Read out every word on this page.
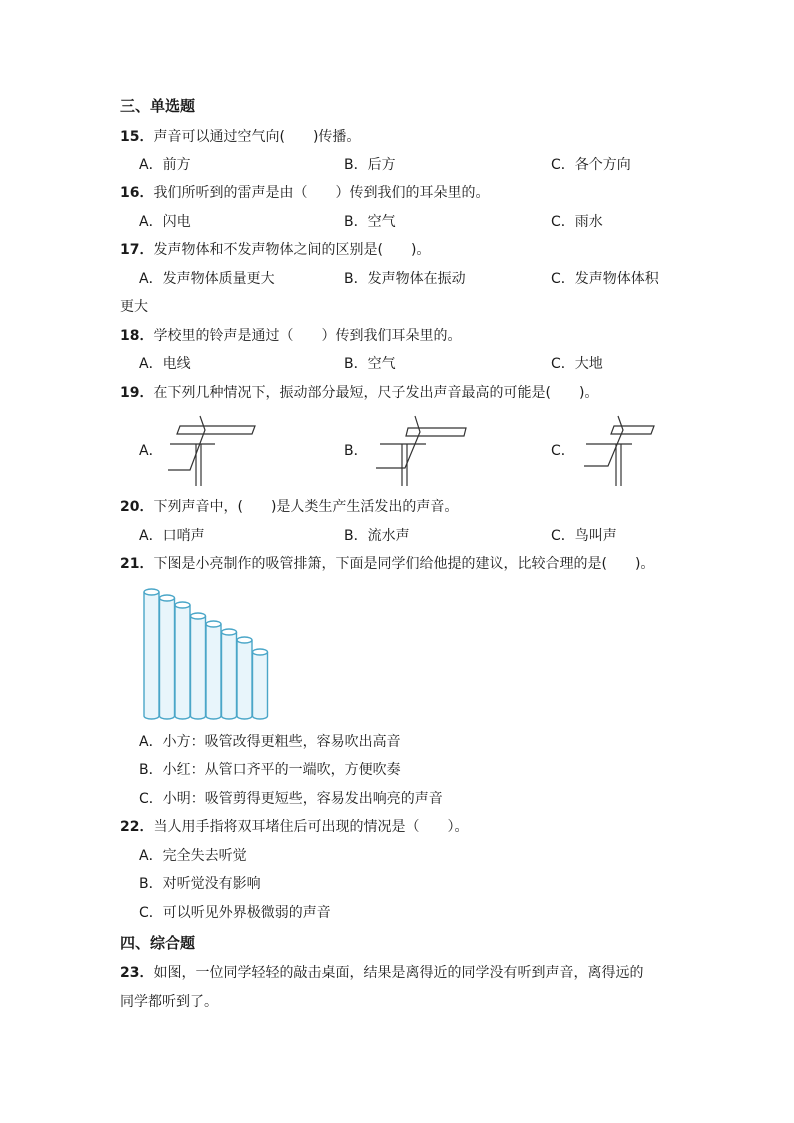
三、单选题
15．声音可以通过空气向(　　)传播。
A．前方	B．后方	C．各个方向
16．我们所听到的雷声是由（　　）传到我们的耳朵里的。
A．闪电	B．空气	C．雨水
17．发声物体和不发声物体之间的区别是(　　)。
A．发声物体质量更大	B．发声物体在振动	C．发声物体体积
更大
18．学校里的铃声是通过（　　）传到我们耳朵里的。
A．电线	B．空气	C．大地
19．在下列几种情况下，振动部分最短，尺子发出声音最高的可能是(　　)。
A．	B．	C．
20．下列声音中，(　　)是人类生产生活发出的声音。
A．口哨声	B．流水声	C．鸟叫声
21．下图是小亮制作的吸管排箫，下面是同学们给他提的建议，比较合理的是(　　)。
A．小方：吸管改得更粗些，容易吹出高音
B．小红：从管口齐平的一端吹，方便吹奏
C．小明：吸管剪得更短些，容易发出响亮的声音
22．当人用手指将双耳堵住后可出现的情况是（　　）。
A．完全失去听觉
B．对听觉没有影响
C．可以听见外界极微弱的声音
四、综合题
23．如图，一位同学轻轻的敲击桌面，结果是离得近的同学没有听到声音，离得远的
同学都听到了。
